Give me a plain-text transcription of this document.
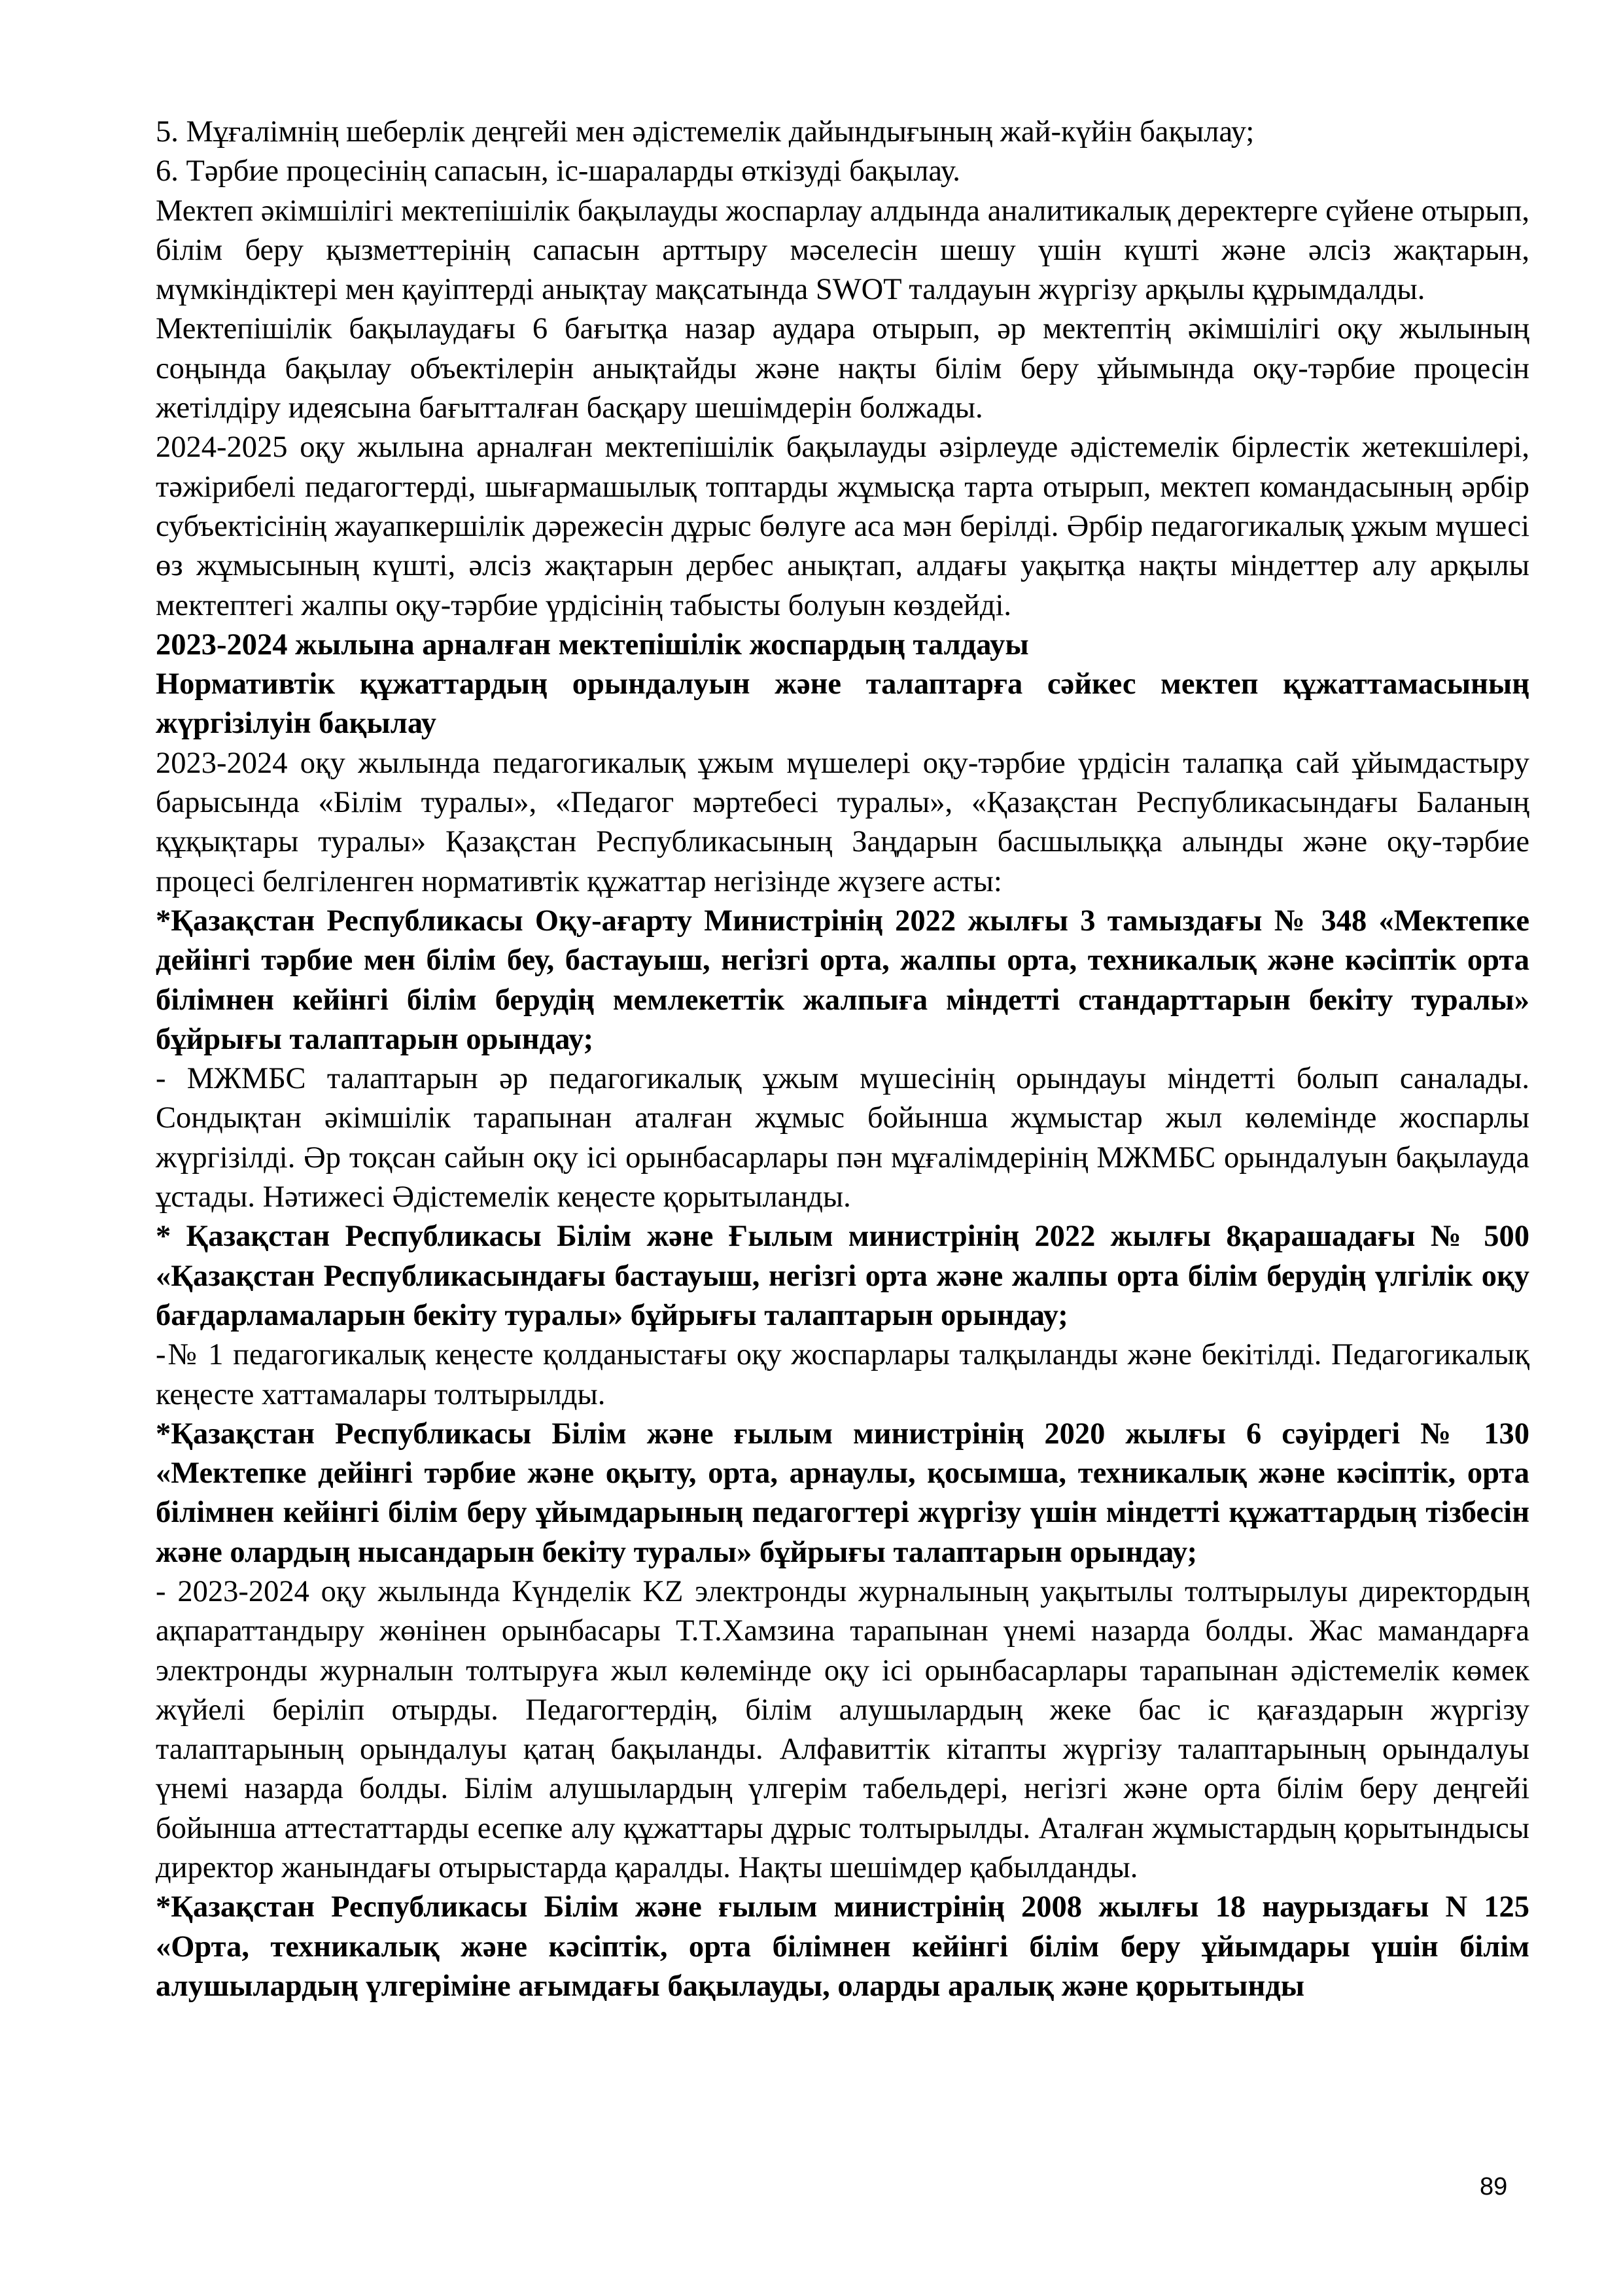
5. Мұғалімнің шеберлік деңгейі мен әдістемелік дайындығының жай-күйін бақылау;

6. Тәрбие процесінің сапасын, іс-шараларды өткізуді бақылау.

Мектеп әкімшілігі мектепішілік бақылауды жоспарлау алдында аналитикалық деректерге сүйене отырып, білім беру қызметтерінің сапасын арттыру мәселесін шешу үшін күшті және әлсіз жақтарын, мүмкіндіктері мен қауіптерді анықтау мақсатында SWOT талдауын жүргізу арқылы құрымдалды.

Мектепішілік бақылаудағы 6 бағытқа назар аудара отырып, әр мектептің әкімшілігі оқу жылының соңында бақылау объектілерін анықтайды және нақты білім беру ұйымында оқу-тәрбие процесін жетілдіру идеясына бағытталған басқару шешімдерін болжады.

2024-2025 оқу жылына арналған мектепішілік бақылауды әзірлеуде әдістемелік бірлестік жетекшілері, тәжірибелі педагогтерді, шығармашылық топтарды жұмысқа тарта отырып, мектеп командасының әрбір субъектісінің жауапкершілік дәрежесін дұрыс бөлуге аса мән берілді. Әрбір педагогикалық ұжым мүшесі өз жұмысының күшті, әлсіз жақтарын дербес анықтап, алдағы уақытқа нақты міндеттер алу арқылы мектептегі жалпы оқу-тәрбие үрдісінің табысты болуын көздейді.

2023-2024 жылына арналған мектепішілік жоспардың талдауы

Нормативтік құжаттардың орындалуын және талаптарға сәйкес мектеп құжаттамасының жүргізілуін бақылау

2023-2024 оқу жылында педагогикалық ұжым мүшелері оқу-тәрбие үрдісін талапқа сай ұйымдастыру барысында «Білім туралы», «Педагог мәртебесі туралы», «Қазақстан Республикасындағы Баланың құқықтары туралы» Қазақстан Республикасының Заңдарын басшылыққа алынды және оқу-тәрбие процесі белгіленген нормативтік құжаттар негізінде жүзеге асты:

*Қазақстан Республикасы Оқу-ағарту Министрінің 2022 жылғы 3 тамыздағы № 348 «Мектепке дейінгі тәрбие мен білім беу, бастауыш, негізгі орта, жалпы орта, техникалық және кәсіптік орта білімнен кейінгі білім берудің мемлекеттік жалпыға міндетті стандарттарын бекіту туралы» бұйрығы талаптарын орындау;

- МЖМБС талаптарын әр педагогикалық ұжым мүшесінің орындауы міндетті болып саналады. Сондықтан әкімшілік тарапынан аталған жұмыс бойынша жұмыстар жыл көлемінде жоспарлы жүргізілді. Әр тоқсан сайын оқу ісі орынбасарлары пән мұғалімдерінің МЖМБС орындалуын бақылауда ұстады. Нәтижесі Әдістемелік кеңесте қорытыланды.

* Қазақстан Республикасы Білім және Ғылым министрінің 2022 жылғы 8қарашадағы № 500 «Қазақстан Республикасындағы бастауыш, негізгі орта және жалпы орта білім берудің үлгілік оқу бағдарламаларын бекіту туралы» бұйрығы талаптарын орындау;

-№ 1 педагогикалық кеңесте қолданыстағы оқу жоспарлары талқыланды және бекітілді. Педагогикалық кеңесте хаттамалары толтырылды.

*Қазақстан Республикасы Білім және ғылым министрінің 2020 жылғы 6 сәуірдегі № 130 «Мектепке дейінгі тәрбие және оқыту, орта, арнаулы, қосымша, техникалық және кәсіптік, орта білімнен кейінгі білім беру ұйымдарының педагогтері жүргізу үшін міндетті құжаттардың тізбесін және олардың нысандарын бекіту туралы» бұйрығы талаптарын орындау;

- 2023-2024 оқу жылында Күнделік KZ электронды журналының уақытылы толтырылуы директордың ақпараттандыру жөнінен орынбасары Т.Т.Хамзина тарапынан үнемі назарда болды. Жас мамандарға электронды журналын толтыруға жыл көлемінде оқу ісі орынбасарлары тарапынан әдістемелік көмек жүйелі беріліп отырды. Педагогтердің, білім алушылардың жеке бас іс қағаздарын жүргізу талаптарының орындалуы қатаң бақыланды. Алфавиттік кітапты жүргізу талаптарының орындалуы үнемі назарда болды. Білім алушылардың үлгерім табельдері, негізгі және орта білім беру деңгейі бойынша аттестаттарды есепке алу құжаттары дұрыс толтырылды. Аталған жұмыстардың қорытындысы директор жанындағы отырыстарда қаралды. Нақты шешімдер қабылданды.

*Қазақстан Республикасы Білім және ғылым министрінің 2008 жылғы 18 наурыздағы N 125 «Орта, техникалық және кәсіптік, орта білімнен кейінгі білім беру ұйымдары үшін білім алушылардың үлгеріміне ағымдағы бақылауды, оларды аралық және қорытынды

89
